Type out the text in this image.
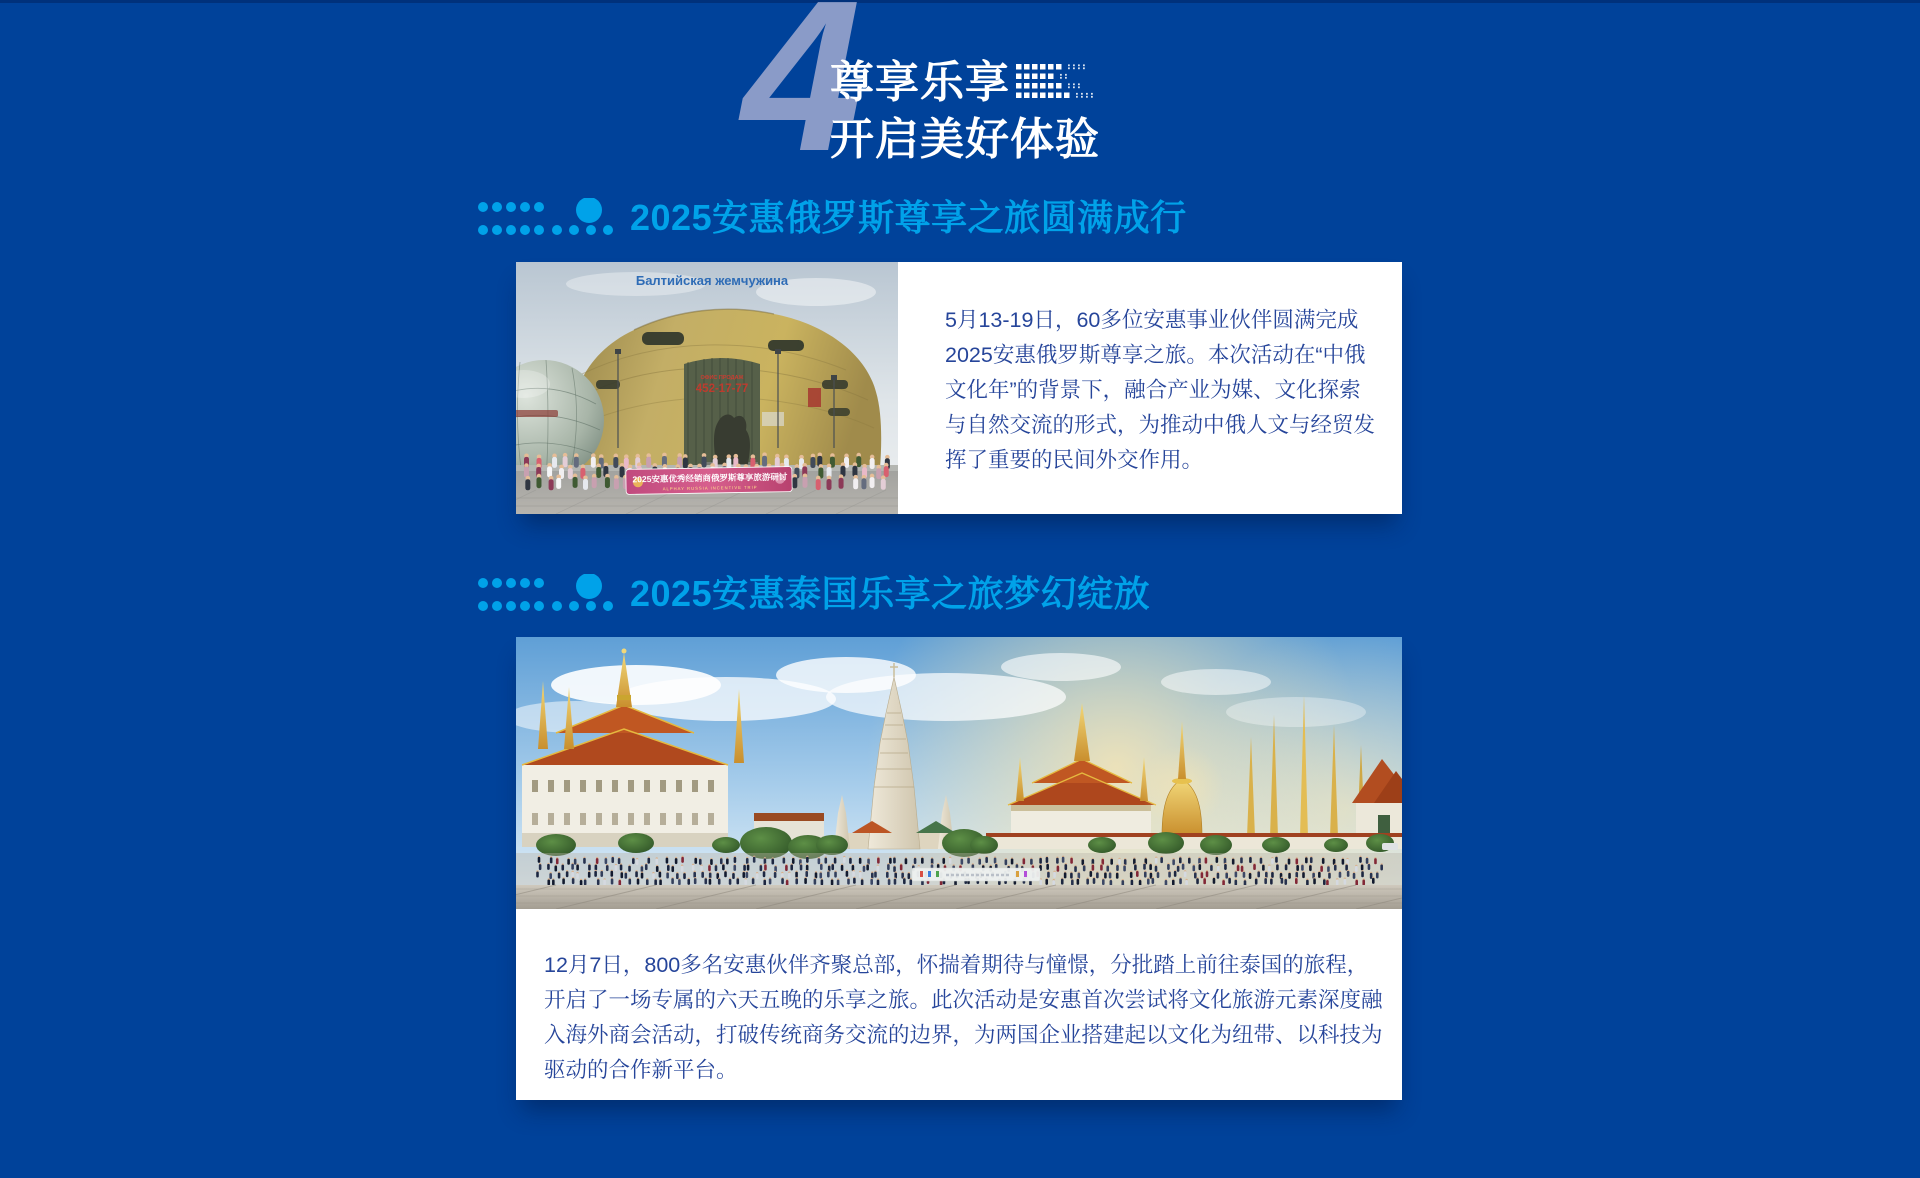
4
尊享乐享
开启美好体验
2025安惠俄罗斯尊享之旅圆满成行
Балтийская жемчужина
ОФИС ПРОДАЖ
452-17-77
2025安惠优秀经销商俄罗斯尊享旅游研讨
ALPHAY RUSSIA INCENTIVE TRIP
5月13-19日，60多位安惠事业伙伴圆满完成
2025安惠俄罗斯尊享之旅。本次活动在“中俄
文化年”的背景下，融合产业为媒、文化探索
与自然交流的形式，为推动中俄人文与经贸发
挥了重要的民间外交作用。
2025安惠泰国乐享之旅梦幻绽放
12月7日，800多名安惠伙伴齐聚总部，怀揣着期待与憧憬，分批踏上前往泰国的旅程，
开启了一场专属的六天五晚的乐享之旅。此次活动是安惠首次尝试将文化旅游元素深度融
入海外商会活动，打破传统商务交流的边界，为两国企业搭建起以文化为纽带、以科技为
驱动的合作新平台。
